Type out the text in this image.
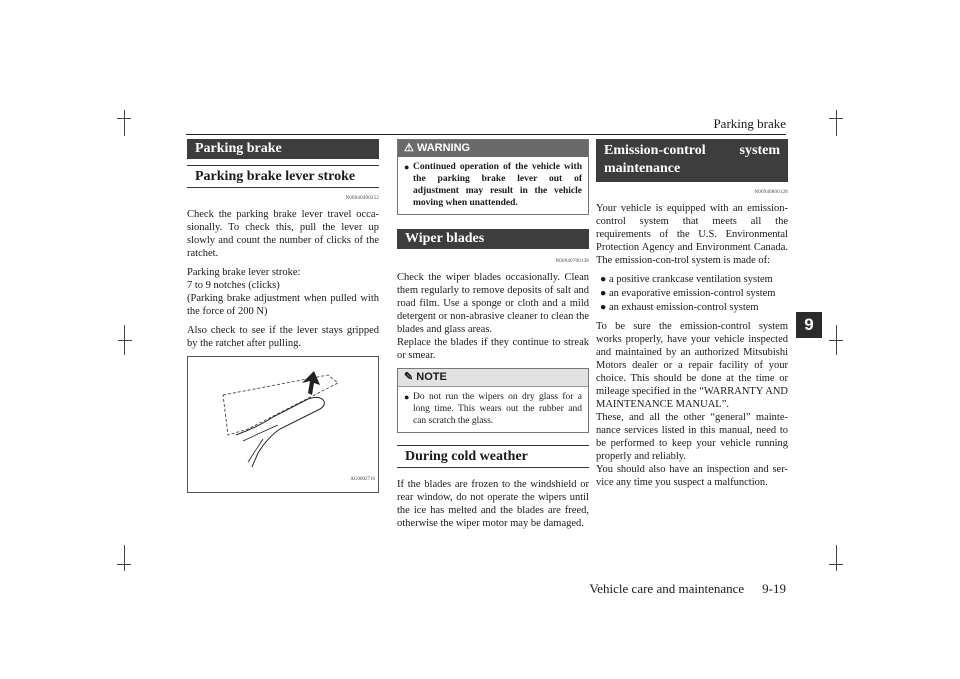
Parking brake
9
Vehicle care and maintenance 9-19
Parking brake
Parking brake lever stroke
N00940400252

Check the parking brake lever travel occa-sionally. To check this, pull the lever up slowly and count the number of clicks of the ratchet.

Parking brake lever stroke:
7 to 9 notches (clicks)
(Parking brake adjustment when pulled with the force of 200 N)

Also check to see if the lever stays gripped by the ratchet after pulling.

AG0002716
⚠ WARNING
● Continued operation of the vehicle with the parking brake lever out of adjustment may result in the vehicle moving when unattended.
Wiper blades
N00940700138

Check the wiper blades occasionally. Clean them regularly to remove deposits of salt and road film. Use a sponge or cloth and a mild detergent or non-abrasive cleaner to clean the blades and glass areas.

Replace the blades if they continue to streak or smear.

✎ NOTE
● Do not run the wipers on dry glass for a long time. This wears out the rubber and can scratch the glass.
During cold weather

If the blades are frozen to the windshield or rear window, do not operate the wipers until the ice has melted and the blades are freed, otherwise the wiper motor may be damaged.

Emission-control system maintenance
N00940800128

Your vehicle is equipped with an emission-control system that meets all the requirements of the U.S. Environmental Protection Agency and Environment Canada. The emission-con-trol system is made of:

● a positive crankcase ventilation system
● an evaporative emission-control system
● an exhaust emission-control system

To be sure the emission-control system works properly, have your vehicle inspected and maintained by an authorized Mitsubishi Motors dealer or a repair facility of your choice. This should be done at the time or mileage specified in the “WARRANTY AND MAINTENANCE MANUAL”.

These, and all the other “general” mainte-nance services listed in this manual, need to be performed to keep your vehicle running properly and reliably.

You should also have an inspection and ser-vice any time you suspect a malfunction.
